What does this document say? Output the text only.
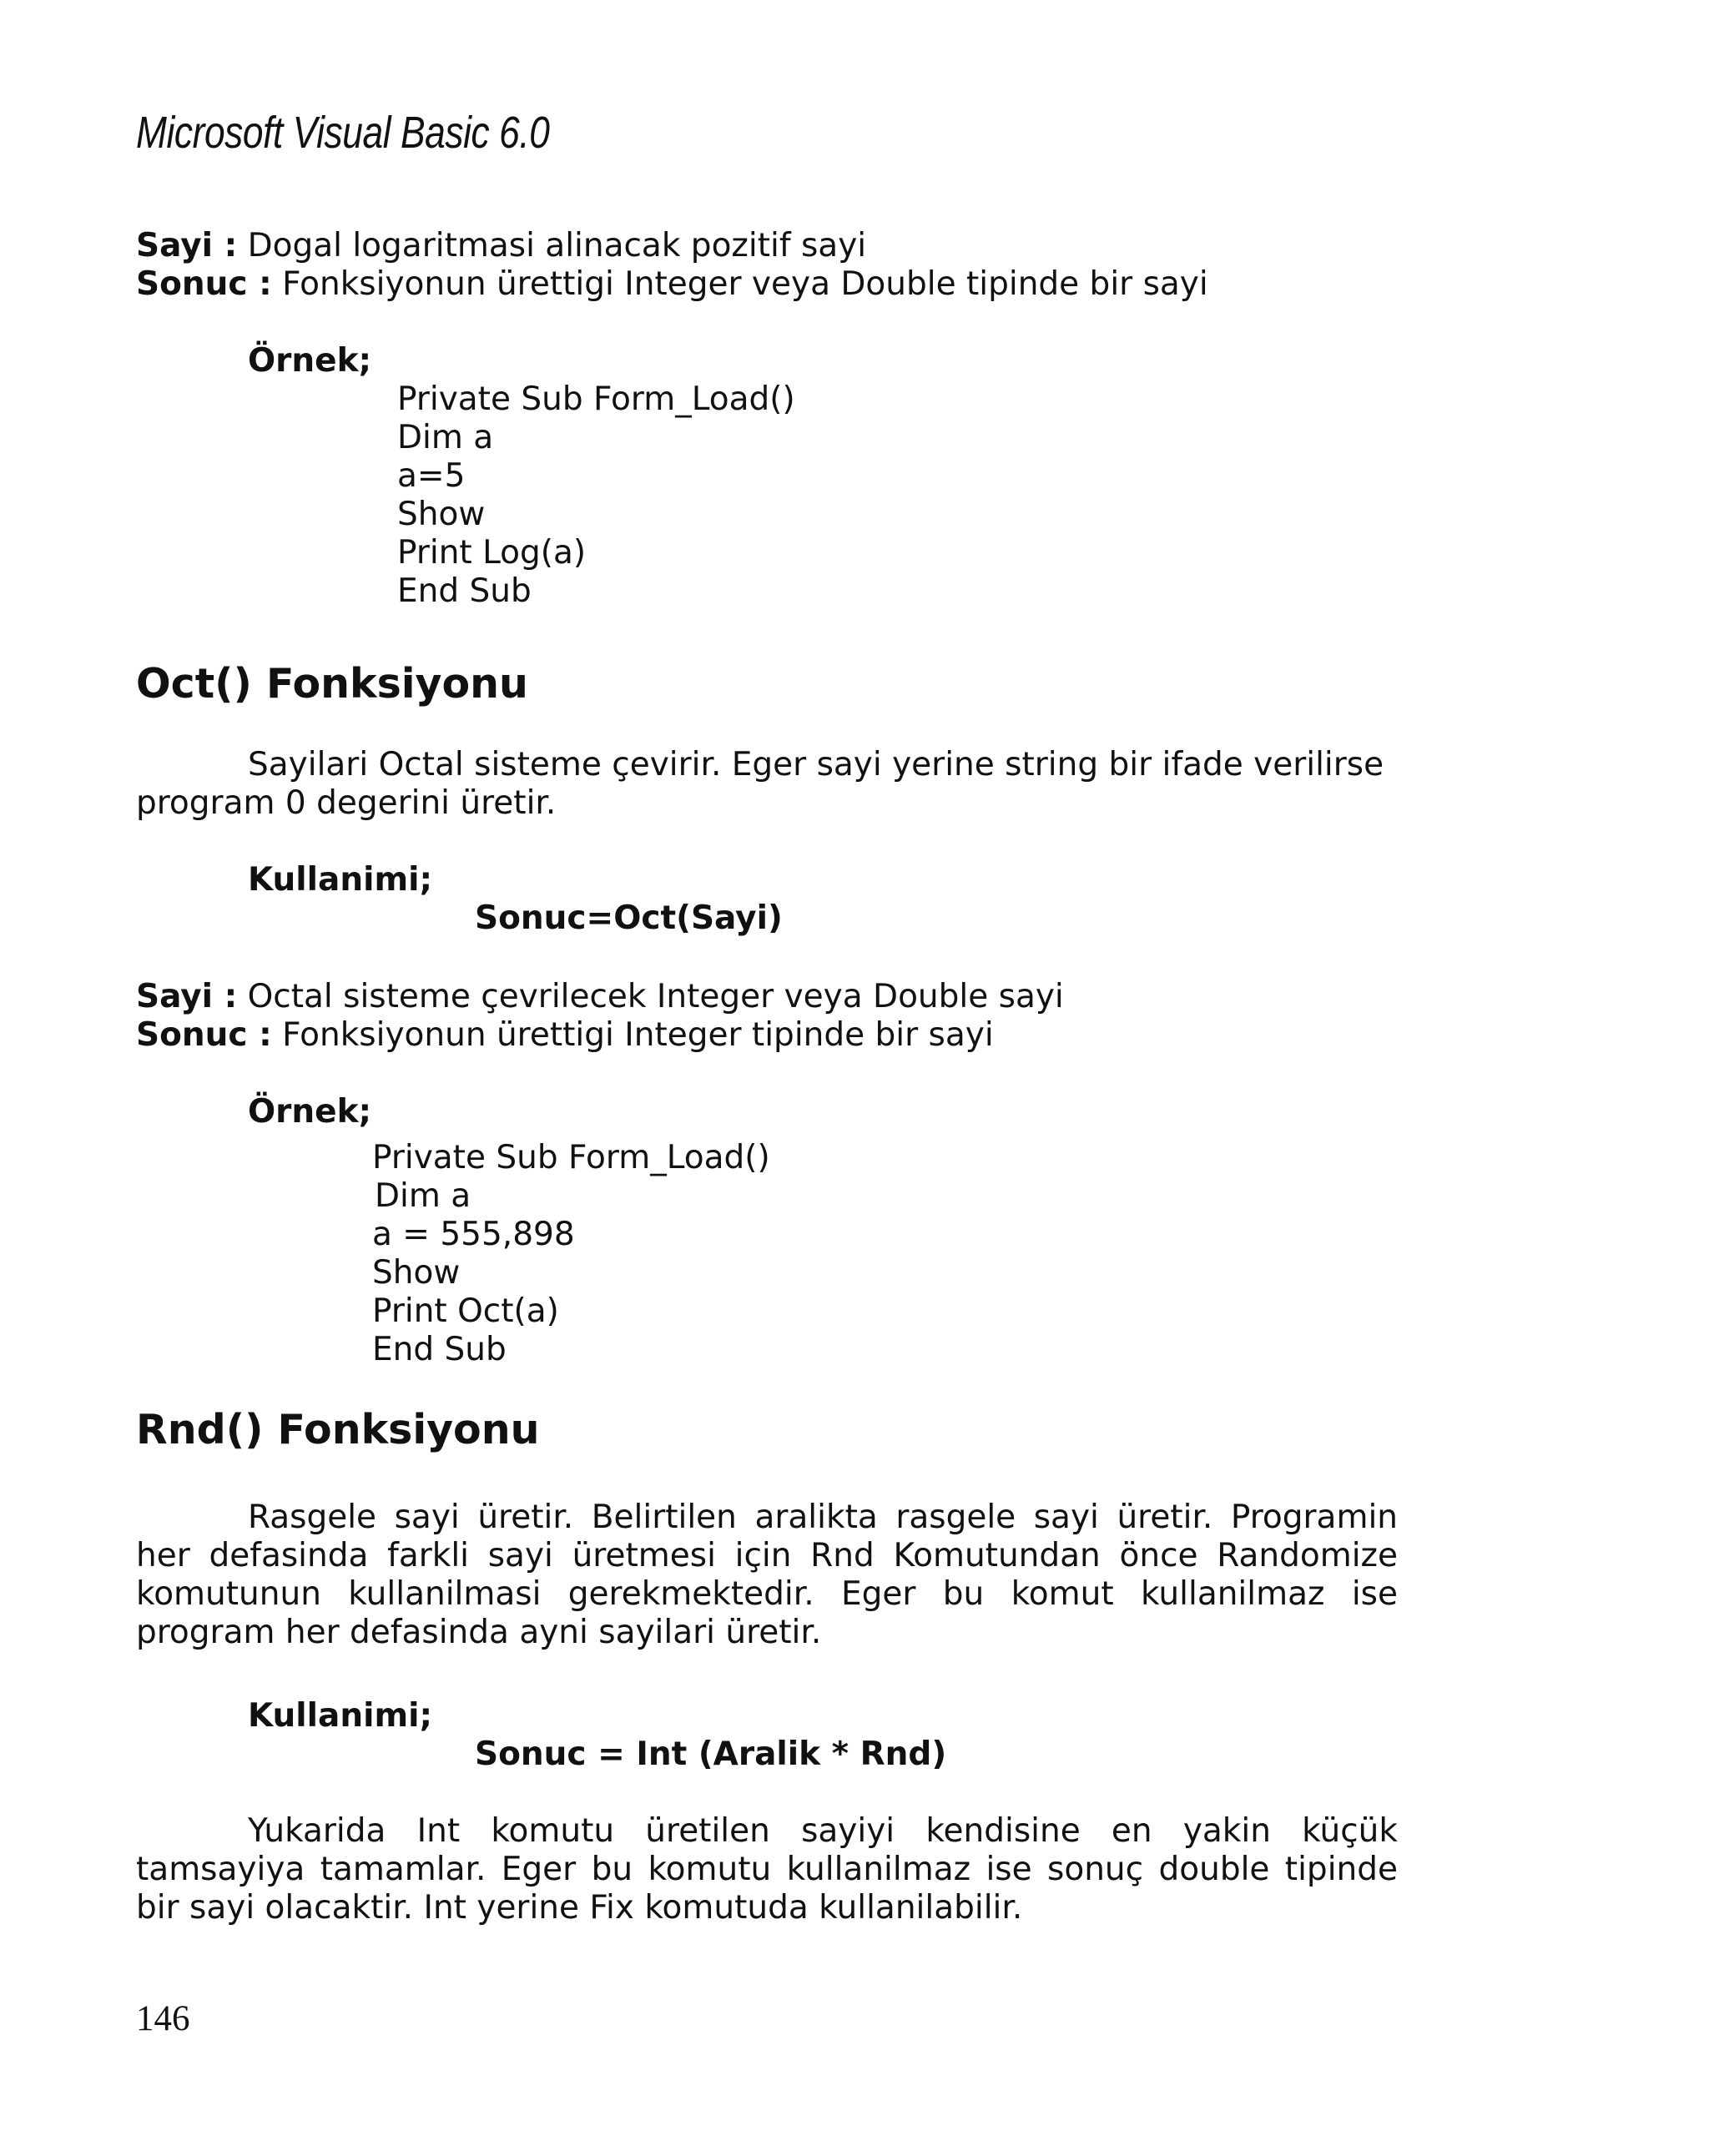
Microsoft Visual Basic 6.0
Sayi : Dogal logaritmasi alinacak pozitif sayi
Sonuc : Fonksiyonun ürettigi Integer veya Double tipinde bir sayi
Örnek;
Private Sub Form_Load()
Dim a
a=5
Show
Print Log(a)
End Sub
Oct() Fonksiyonu
Sayilari Octal sisteme çevirir. Eger sayi yerine string bir ifade verilirse program 0 degerini üretir.
Kullanimi;
Sonuc=Oct(Sayi)
Sayi : Octal sisteme çevrilecek Integer veya Double sayi
Sonuc : Fonksiyonun ürettigi Integer tipinde bir sayi
Örnek;
Private Sub Form_Load()
Dim a
a = 555,898
Show
Print Oct(a)
End Sub
Rnd() Fonksiyonu
Rasgele sayi üretir. Belirtilen aralikta rasgele sayi üretir. Programin her defasinda farkli sayi üretmesi için Rnd Komutundan önce Randomize komutunun kullanilmasi gerekmektedir. Eger bu komut kullanilmaz ise program her defasinda ayni sayilari üretir.
Kullanimi;
Sonuc = Int (Aralik * Rnd)
Yukarida Int komutu üretilen sayiyi kendisine en yakin küçük tamsayiya tamamlar. Eger bu komutu kullanilmaz ise sonuç double tipinde bir sayi olacaktir. Int yerine Fix komutuda kullanilabilir.
146
